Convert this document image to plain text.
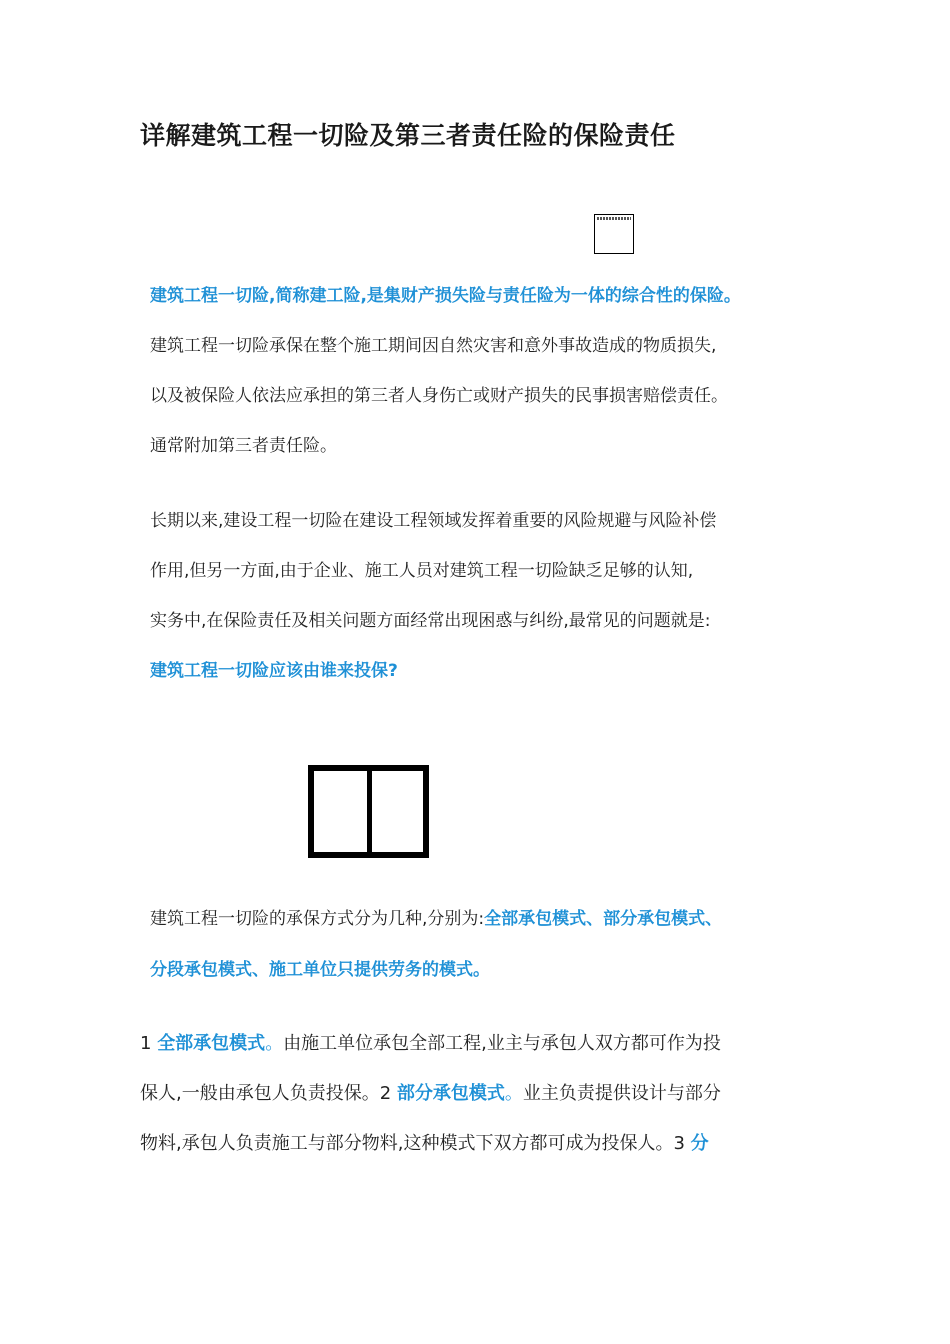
详解建筑工程一切险及第三者责任险的保险责任
建筑工程一切险,简称建工险,是集财产损失险与责任险为一体的综合性的保险。
建筑工程一切险承保在整个施工期间因自然灾害和意外事故造成的物质损失,
以及被保险人依法应承担的第三者人身伤亡或财产损失的民事损害赔偿责任。
通常附加第三者责任险。
长期以来,建设工程一切险在建设工程领域发挥着重要的风险规避与风险补偿
作用,但另一方面,由于企业、施工人员对建筑工程一切险缺乏足够的认知,
实务中,在保险责任及相关问题方面经常出现困惑与纠纷,最常见的问题就是:
建筑工程一切险应该由谁来投保?
建筑工程一切险的承保方式分为几种,分别为:全部承包模式、部分承包模式、
分段承包模式、施工单位只提供劳务的模式。
1 全部承包模式。由施工单位承包全部工程,业主与承包人双方都可作为投
保人,一般由承包人负责投保。2 部分承包模式。业主负责提供设计与部分
物料,承包人负责施工与部分物料,这种模式下双方都可成为投保人。3 分
